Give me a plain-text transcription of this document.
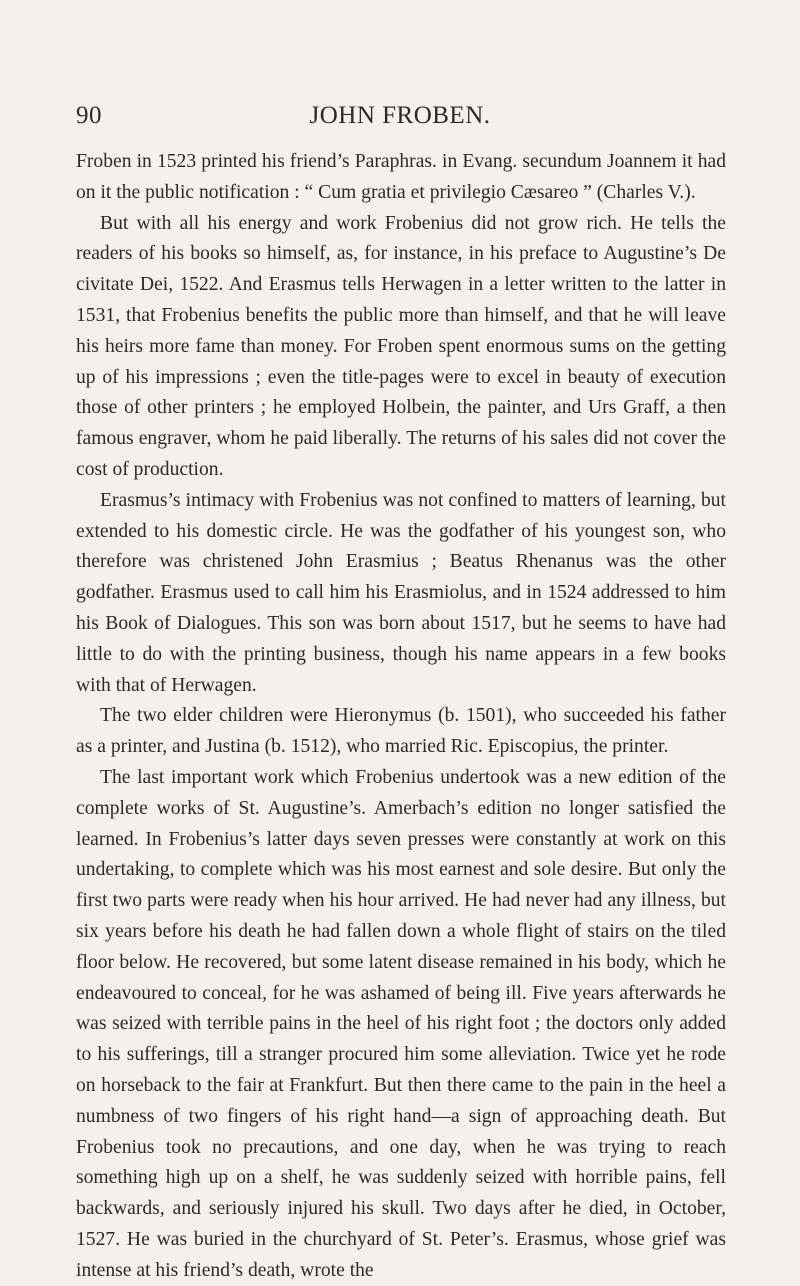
90	JOHN FROBEN.

Froben in 1523 printed his friend’s Paraphras. in Evang. secundum Joannem it had on it the public notification : “ Cum gratia et privilegio Cæsareo ” (Charles V.).

But with all his energy and work Frobenius did not grow rich. He tells the readers of his books so himself, as, for instance, in his preface to Augustine’s De civitate Dei, 1522. And Erasmus tells Herwagen in a letter written to the latter in 1531, that Frobenius benefits the public more than himself, and that he will leave his heirs more fame than money. For Froben spent enormous sums on the getting up of his impressions ; even the title-pages were to excel in beauty of execution those of other printers ; he employed Holbein, the painter, and Urs Graff, a then famous engraver, whom he paid liberally. The returns of his sales did not cover the cost of production.

Erasmus’s intimacy with Frobenius was not confined to matters of learning, but extended to his domestic circle. He was the godfather of his youngest son, who therefore was christened John Erasmius ; Beatus Rhenanus was the other godfather. Erasmus used to call him his Erasmiolus, and in 1524 addressed to him his Book of Dialogues. This son was born about 1517, but he seems to have had little to do with the printing business, though his name appears in a few books with that of Herwagen.

The two elder children were Hieronymus (b. 1501), who succeeded his father as a printer, and Justina (b. 1512), who married Ric. Episcopius, the printer.

The last important work which Frobenius undertook was a new edition of the complete works of St. Augustine’s. Amerbach’s edition no longer satisfied the learned. In Frobenius’s latter days seven presses were constantly at work on this undertaking, to complete which was his most earnest and sole desire. But only the first two parts were ready when his hour arrived. He had never had any illness, but six years before his death he had fallen down a whole flight of stairs on the tiled floor below. He recovered, but some latent disease remained in his body, which he endeavoured to conceal, for he was ashamed of being ill. Five years afterwards he was seized with terrible pains in the heel of his right foot ; the doctors only added to his sufferings, till a stranger procured him some alleviation. Twice yet he rode on horseback to the fair at Frankfurt. But then there came to the pain in the heel a numbness of two fingers of his right hand—a sign of approaching death. But Frobenius took no precautions, and one day, when he was trying to reach something high up on a shelf, he was suddenly seized with horrible pains, fell backwards, and seriously injured his skull. Two days after he died, in October, 1527. He was buried in the churchyard of St. Peter’s. Erasmus, whose grief was intense at his friend’s death, wrote the
